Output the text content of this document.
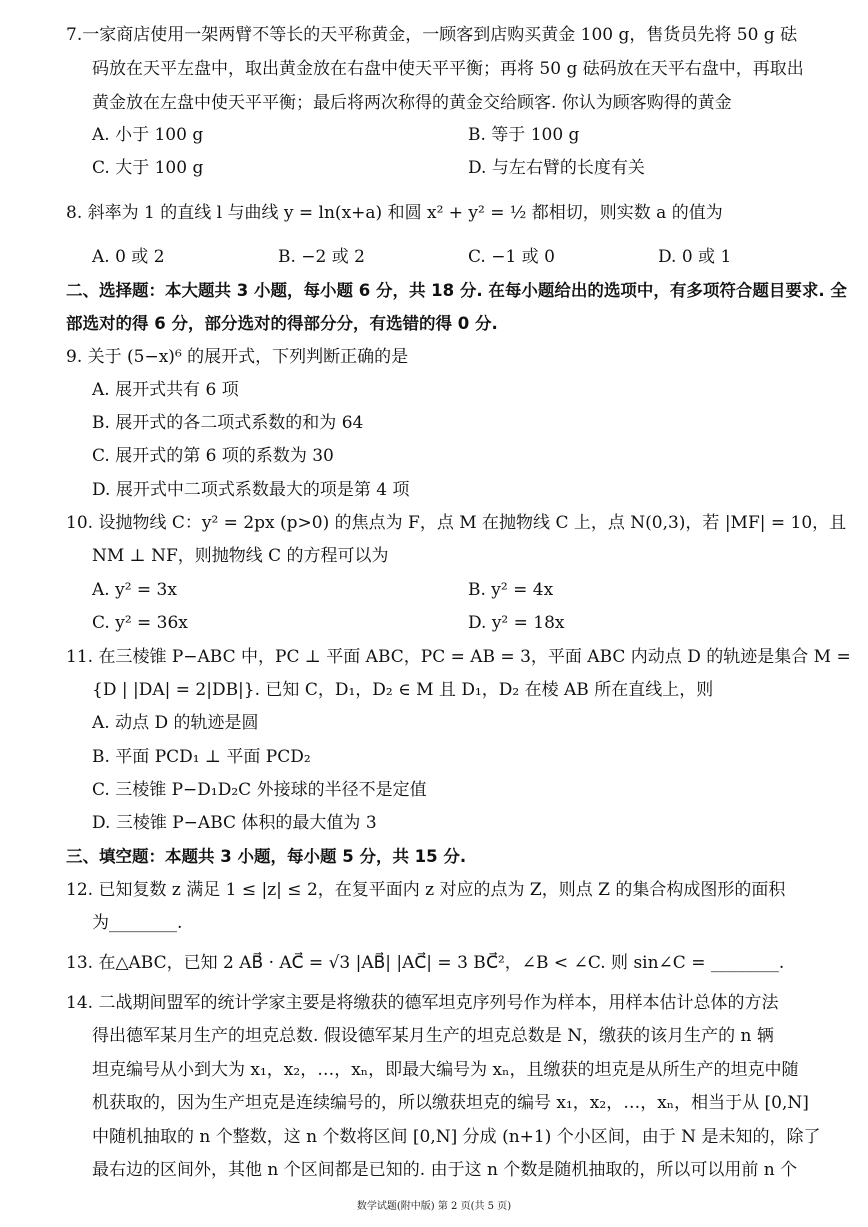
7.一家商店使用一架两臂不等长的天平称黄金，一顾客到店购买黄金 100 g，售货员先将 50 g 砝
码放在天平左盘中，取出黄金放在右盘中使天平平衡；再将 50 g 砝码放在天平右盘中，再取出
黄金放在左盘中使天平平衡；最后将两次称得的黄金交给顾客. 你认为顾客购得的黄金
A. 小于 100 g	B. 等于 100 g
C. 大于 100 g	D. 与左右臂的长度有关
8. 斜率为 1 的直线 l 与曲线 y = ln(x+a) 和圆 x² + y² = ½ 都相切，则实数 a 的值为
A. 0 或 2	B. −2 或 2	C. −1 或 0	D. 0 或 1
二、选择题：本大题共 3 小题，每小题 6 分，共 18 分. 在每小题给出的选项中，有多项符合题目要求. 全
部选对的得 6 分，部分选对的得部分分，有选错的得 0 分.
9. 关于 (5−x)⁶ 的展开式，下列判断正确的是
A. 展开式共有 6 项
B. 展开式的各二项式系数的和为 64
C. 展开式的第 6 项的系数为 30
D. 展开式中二项式系数最大的项是第 4 项
10. 设抛物线 C：y² = 2px (p>0) 的焦点为 F，点 M 在抛物线 C 上，点 N(0,3)，若 |MF| = 10，且
NM ⊥ NF，则抛物线 C 的方程可以为
A. y² = 3x	B. y² = 4x
C. y² = 36x	D. y² = 18x
11. 在三棱锥 P−ABC 中，PC ⊥ 平面 ABC，PC = AB = 3，平面 ABC 内动点 D 的轨迹是集合 M =
{D | |DA| = 2|DB|}. 已知 C，D₁，D₂ ∈ M 且 D₁，D₂ 在棱 AB 所在直线上，则
A. 动点 D 的轨迹是圆
B. 平面 PCD₁ ⊥ 平面 PCD₂
C. 三棱锥 P−D₁D₂C 外接球的半径不是定值
D. 三棱锥 P−ABC 体积的最大值为 3
三、填空题：本题共 3 小题，每小题 5 分，共 15 分.
12. 已知复数 z 满足 1 ≤ |z| ≤ 2，在复平面内 z 对应的点为 Z，则点 Z 的集合构成图形的面积
为________.
13. 在△ABC，已知 2 AB⃗ · AC⃗ = √3 |AB⃗| |AC⃗| = 3 BC⃗²，∠B < ∠C. 则 sin∠C = ________.
14. 二战期间盟军的统计学家主要是将缴获的德军坦克序列号作为样本，用样本估计总体的方法
得出德军某月生产的坦克总数. 假设德军某月生产的坦克总数是 N，缴获的该月生产的 n 辆
坦克编号从小到大为 x₁，x₂，…，xₙ，即最大编号为 xₙ，且缴获的坦克是从所生产的坦克中随
机获取的，因为生产坦克是连续编号的，所以缴获坦克的编号 x₁，x₂，…，xₙ，相当于从 [0,N]
中随机抽取的 n 个整数，这 n 个数将区间 [0,N] 分成 (n+1) 个小区间，由于 N 是未知的，除了
最右边的区间外，其他 n 个区间都是已知的. 由于这 n 个数是随机抽取的，所以可以用前 n 个
数学试题(附中版) 第 2 页(共 5 页)
